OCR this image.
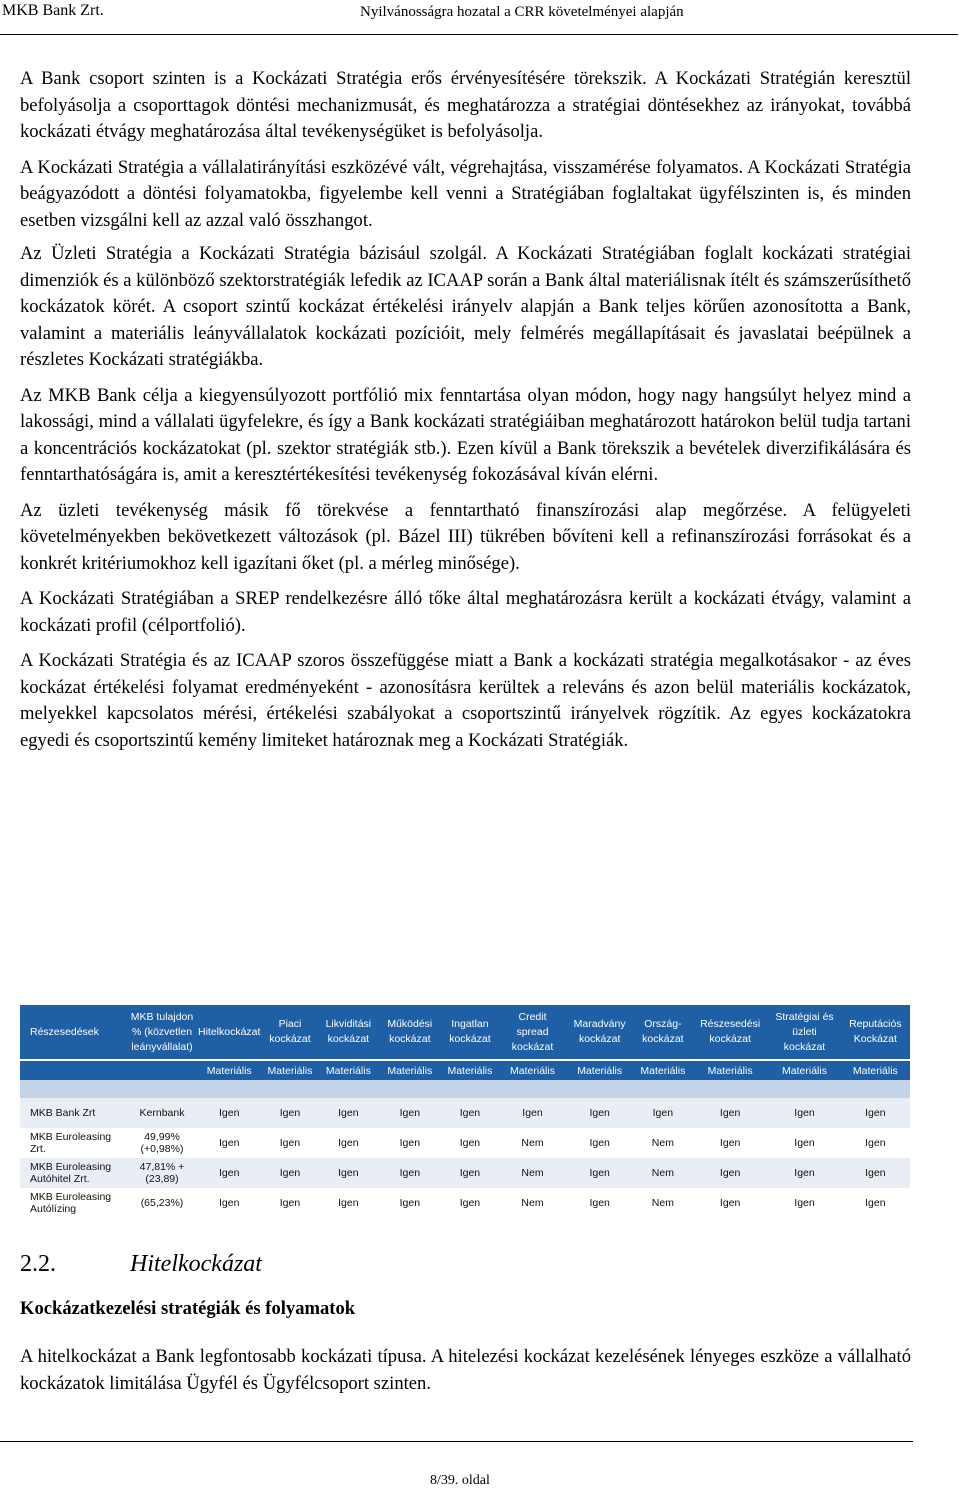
MKB Bank Zrt.	Nyilvánosságra hozatal a CRR követelményei alapján

A Bank csoport szinten is a Kockázati Stratégia erős érvényesítésére törekszik. A Kockázati Stratégián keresztül befolyásolja a csoporttagok döntési mechanizmusát, és meghatározza a stratégiai döntésekhez az irányokat, továbbá kockázati étvágy meghatározása által tevékenységüket is befolyásolja.

A Kockázati Stratégia a vállalatirányítási eszközévé vált, végrehajtása, visszamérése folyamatos. A Kockázati Stratégia beágyazódott a döntési folyamatokba, figyelembe kell venni a Stratégiában foglaltakat ügyfélszinten is, és minden esetben vizsgálni kell az azzal való összhangot.

Az Üzleti Stratégia a Kockázati Stratégia bázisául szolgál. A Kockázati Stratégiában foglalt kockázati stratégiai dimenziók és a különböző szektorstratégiák lefedik az ICAAP során a Bank által materiálisnak ítélt és számszerűsíthető kockázatok körét. A csoport szintű kockázat értékelési irányelv alapján a Bank teljes körűen azonosította a Bank, valamint a materiális leányvállalatok kockázati pozícióit, mely felmérés megállapításait és javaslatai beépülnek a részletes Kockázati stratégiákba.

Az MKB Bank célja a kiegyensúlyozott portfólió mix fenntartása olyan módon, hogy nagy hangsúlyt helyez mind a lakossági, mind a vállalati ügyfelekre, és így a Bank kockázati stratégiáiban meghatározott határokon belül tudja tartani a koncentrációs kockázatokat (pl. szektor stratégiák stb.). Ezen kívül a Bank törekszik a bevételek diverzifikálására és fenntarthatóságára is, amit a keresztértékesítési tevékenység fokozásával kíván elérni.

Az üzleti tevékenység másik fő törekvése a fenntartható finanszírozási alap megőrzése. A felügyeleti követelményekben bekövetkezett változások (pl. Bázel III) tükrében bővíteni kell a refinanszírozási forrásokat és a konkrét kritériumokhoz kell igazítani őket (pl. a mérleg minősége).

A Kockázati Stratégiában a SREP rendelkezésre álló tőke által meghatározásra került a kockázati étvágy, valamint a kockázati profil (célportfolió).

A Kockázati Stratégia és az ICAAP szoros összefüggése miatt a Bank a kockázati stratégia megalkotásakor - az éves kockázat értékelési folyamat eredményeként - azonosításra kerültek a releváns és azon belül materiális kockázatok, melyekkel kapcsolatos mérési, értékelési szabályokat a csoportszintű irányelvek rögzítik. Az egyes kockázatokra egyedi és csoportszintű kemény limiteket határoznak meg a Kockázati Stratégiák.

Részesedések	MKB tulajdon % (közvetlen leányvállalat)	Hitelkockázat	Piaci kockázat	Likviditási kockázat	Működési kockázat	Ingatlan kockázat	Credit spread kockázat	Maradvány kockázat	Ország-kockázat	Részesedési kockázat	Stratégiai és üzleti kockázat	Reputációs Kockázat
		Materiális	Materiális	Materiális	Materiális	Materiális	Materiális	Materiális	Materiális	Materiális	Materiális	Materiális

MKB Bank Zrt	Kernbank	Igen	Igen	Igen	Igen	Igen	Igen	Igen	Igen	Igen	Igen	Igen
MKB Euroleasing Zrt.	49,99% (+0,98%)	Igen	Igen	Igen	Igen	Igen	Nem	Igen	Nem	Igen	Igen	Igen
MKB Euroleasing Autóhitel Zrt.	47,81% + (23,89)	Igen	Igen	Igen	Igen	Igen	Nem	Igen	Nem	Igen	Igen	Igen
MKB Euroleasing Autólízing	(65,23%)	Igen	Igen	Igen	Igen	Igen	Nem	Igen	Nem	Igen	Igen	Igen
2.2.	Hitelkockázat
Kockázatkezelési stratégiák és folyamatok

A hitelkockázat a Bank legfontosabb kockázati típusa. A hitelezési kockázat kezelésének lényeges eszköze a vállalható kockázatok limitálása Ügyfél és Ügyfélcsoport szinten.

8/39. oldal
